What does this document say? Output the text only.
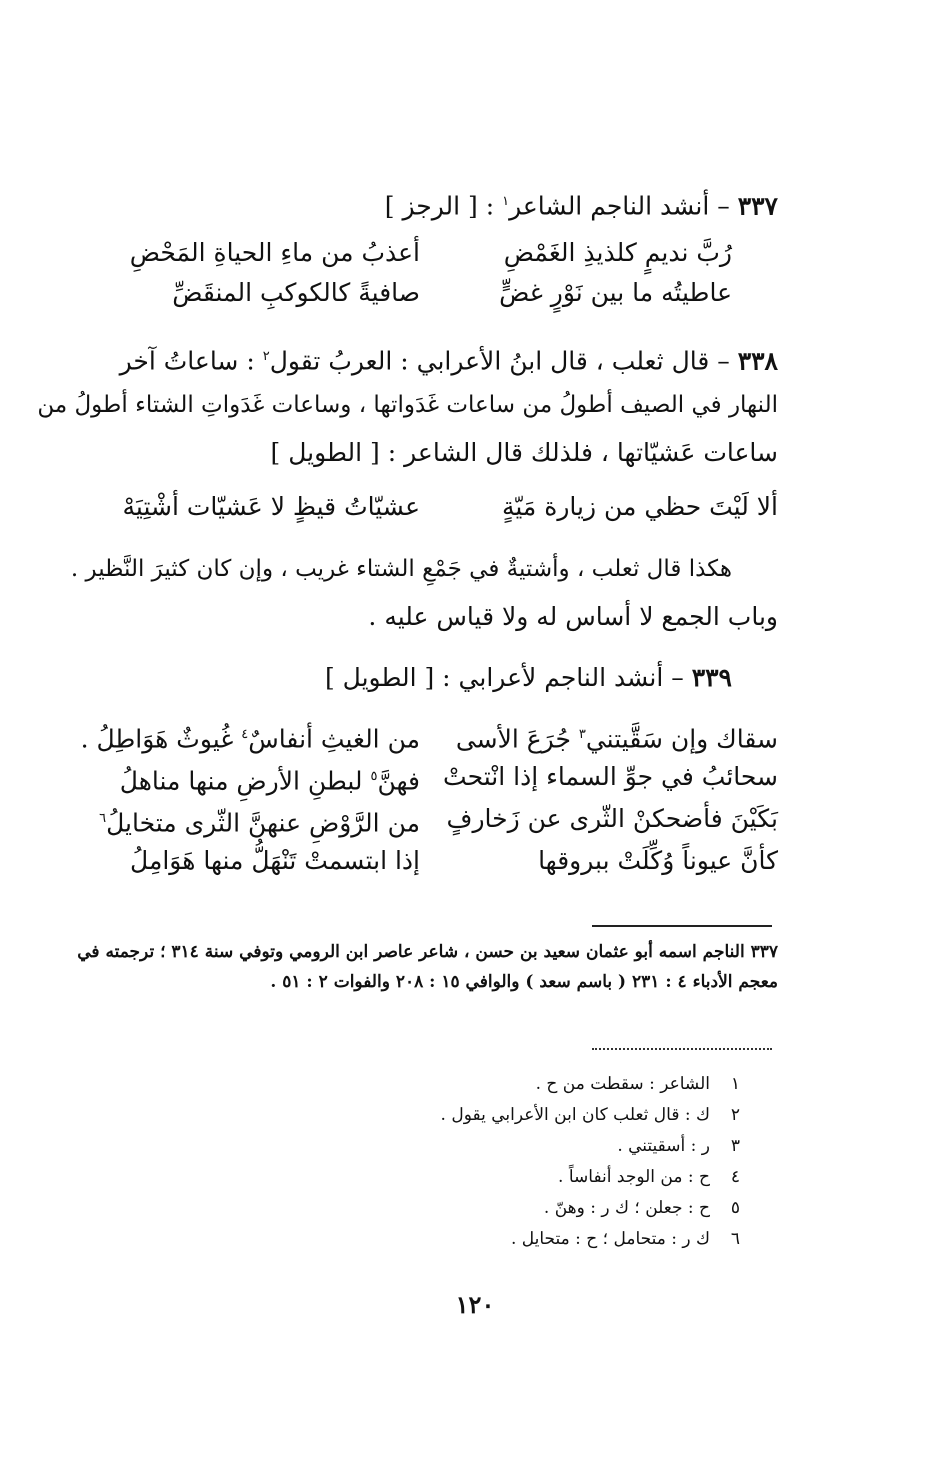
٣٣٧ – أنشد الناجم الشاعر$^١$ : [ الرجز ]
رُبَّ نديمٍ كلذيذِ الغَمْضِ
أعذبُ من ماءِ الحياةِ المَحْضِ
عاطيتُه ما بين نَوْرٍ غضٍّ
صافيةً كالكوكبِ المنقَضِّ
٣٣٨ – قال ثعلب ، قال ابنُ الأعرابي : العربُ تقول$^٢$ : ساعاتُ آخر
النهار في الصيف أطولُ من ساعات غَدَواتها ، وساعات غَدَواتِ الشتاء أطولُ من
ساعات عَشيّاتها ، فلذلك قال الشاعر : [ الطويل ]
ألا لَيْتَ حظي من زيارة مَيّةٍ
عشيّاتُ قيظٍ لا عَشيّات أشْتِيَهْ
هكذا قال ثعلب ، وأشتيةٌ في جَمْعِ الشتاء غريب ، وإن كان كثيرَ النَّظير .
وباب الجمع لا أساس له ولا قياس عليه .
٣٣٩ – أنشد الناجم لأعرابي : [ الطويل ]
سقاك وإن سَقَّيتني$^٣$ جُرَعَ الأسى
من الغيثِ أنفاسٌ$^٤$ غُيوثٌ هَوَاطِلُ .
سحائبُ في جوِّ السماء إذا انْتحتْ
فهنَّ$^٥$ لبطنِ الأرضِ منها مناهلُ
بَكَيْنَ فأضحكنْ الثّرى عن زَخارفٍ
من الرَّوْضِ عنهنَّ الثّرى متخايلُ$^٦$
كأنَّ عيوناً وُكِّلَتْ ببروقها
إذا ابتسمتْ تَنْهَلُّ منها هَوَامِلُ
٣٣٧ الناجم اسمه أبو عثمان سعيد بن حسن ، شاعر عاصر ابن الرومي وتوفي سنة ٣١٤ ؛ ترجمته في
معجم الأدباء ٤ : ٢٣١ ( باسم سعد ) والوافي ١٥ : ٢٠٨ والفوات ٢ : ٥١ .
١الشاعر : سقطت من ح .
٢ك : قال ثعلب كان ابن الأعرابي يقول .
٣ر : أسقيتني .
٤ح : من الوجد أنفاساً .
٥ح : جعلن ؛ ك ر : وهنّ .
٦ك ر : متحامل ؛ ح : متحايل .
١٢٠
